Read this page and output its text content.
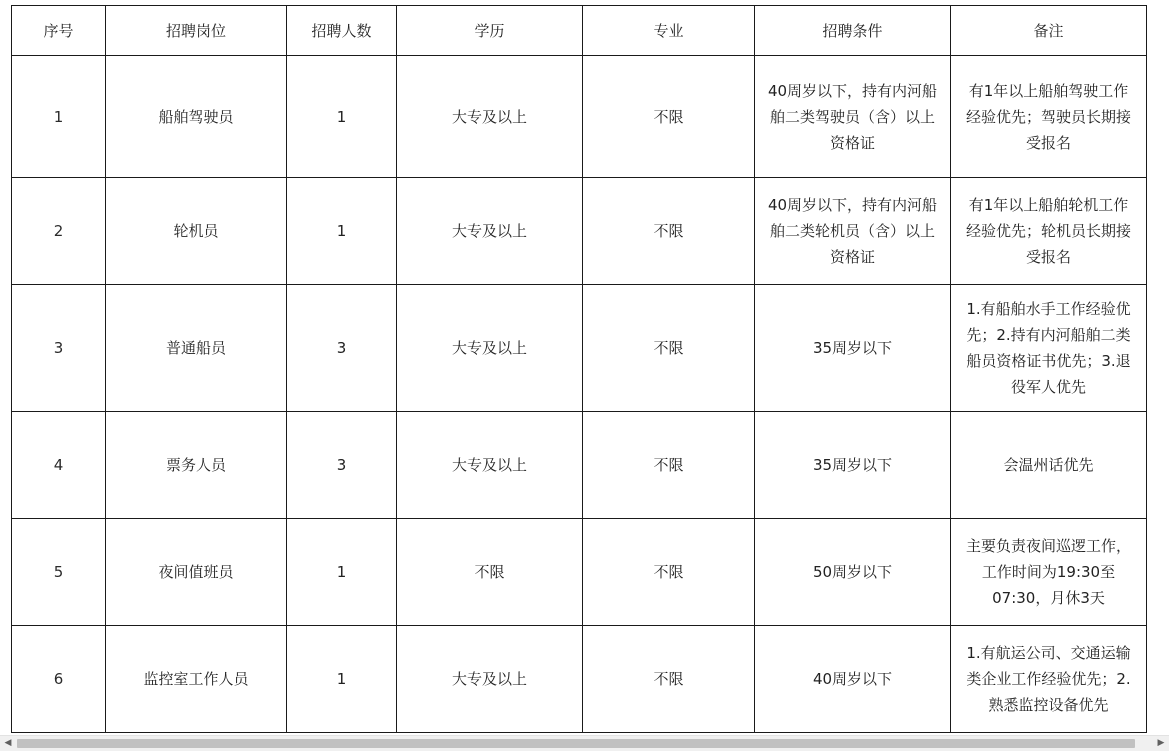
序号	招聘岗位	招聘人数	学历	专业	招聘条件	备注
1	船舶驾驶员	1	大专及以上	不限	40周岁以下，持有内河船
舶二类驾驶员（含）以上
资格证	有1年以上船舶驾驶工作
经验优先；驾驶员长期接
受报名
2	轮机员	1	大专及以上	不限	40周岁以下，持有内河船
舶二类轮机员（含）以上
资格证	有1年以上船舶轮机工作
经验优先；轮机员长期接
受报名
3	普通船员	3	大专及以上	不限	35周岁以下	1.有船舶水手工作经验优
先；2.持有内河船舶二类
船员资格证书优先；3.退
役军人优先
4	票务人员	3	大专及以上	不限	35周岁以下	会温州话优先
5	夜间值班员	1	不限	不限	50周岁以下	主要负责夜间巡逻工作，
工作时间为19:30至
07:30，月休3天
6	监控室工作人员	1	大专及以上	不限	40周岁以下	1.有航运公司、交通运输
类企业工作经验优先；2.
熟悉监控设备优先
◀	▶
